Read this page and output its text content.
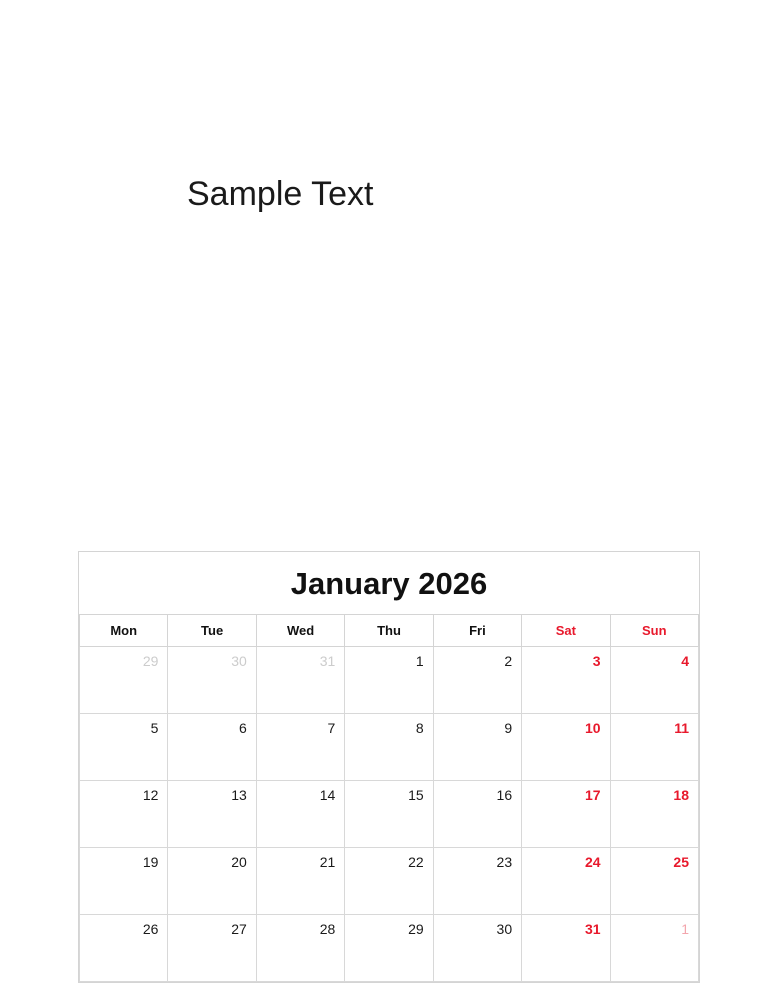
Sample Text
January 2026
Mon	Tue	Wed	Thu	Fri	Sat	Sun
29	30	31	1	2	3	4
5	6	7	8	9	10	11
12	13	14	15	16	17	18
19	20	21	22	23	24	25
26	27	28	29	30	31	1
